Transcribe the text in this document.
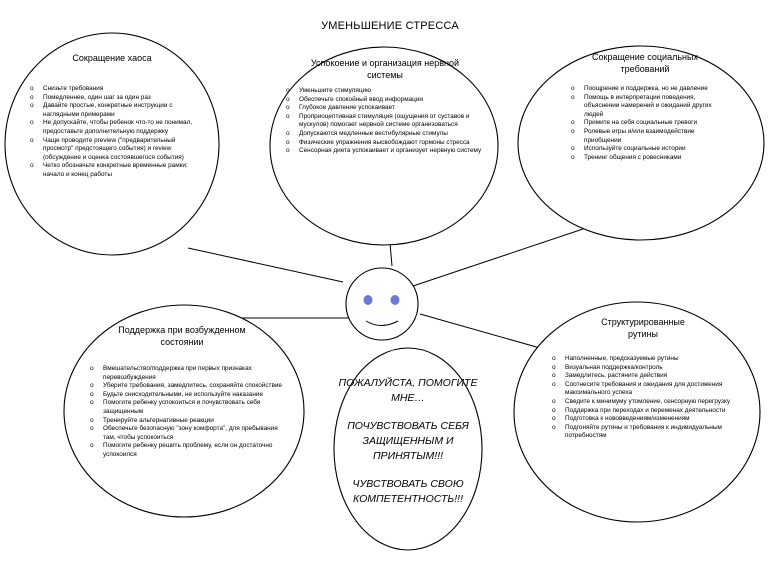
УМЕНЬШЕНИЕ СТРЕССА
Сокращение хаоса
o Снизьте требования
o Помедленнее, один шаг за один раз
o Давайте простые, конкретные инструкции с наглядными примерами
o Не допускайте, чтобы ребенок что-то не понимал, предоставьте дополнительную поддержку
o Чаще проводите preview ("предварительный просмотр" предстоящего события) и review (обсуждение и оценка состоявшегося события)
o Четко обозначьте конкретные временные рамки: начало и конец работы
Успокоение и организация нервной системы
o Уменьшите стимуляцию
o Обеспечьте спокойный ввод информации
o Глубокое давление успокаивает
o Проприоцептивная стимуляция (ощущения от суставов и мускулов) помогает нервной системе организоваться
o Допускаются медленные вестибулярные стимулы
o Физические упражнения высвобождают гормоны стресса
o Сенсорная диета успокаивает и организует нервную систему
Сокращение социальных требований
o Поощрение и поддержка, но не давление
o Помощь в интерпретации поведения, объяснении намерений и ожиданий других людей
o Примите на себя социальные тревоги
o Ролевые игры и/или взаимодействие приобщении
o Используйте социальные истории
o Тренинг общения с ровесниками
Поддержка при возбужденном состоянии
o Вмешательство/поддержка при первых признаках перевозбуждения
o Уберите требования, замедлитесь, сохраняйте спокойствие
o Будьте снисходительными, не используйте наказание
o Помогите ребенку успокоиться и почувствовать себя защищенным
o Тренируйте альтернативные реакции
o Обеспечьте безопасную "зону комфорта", для пребывания там, чтобы успокоиться
o Помогите ребенку решить проблему, если он достаточно успокоился

ПОЖАЛУЙСТА, ПОМОГИТЕ МНЕ…

ПОЧУВСТВОВАТЬ СЕБЯ ЗАЩИЩЕННЫМ И ПРИНЯТЫМ!!!

ЧУВСТВОВАТЬ СВОЮ КОМПЕТЕНТНОСТЬ!!!

Структурированные рутины
o Наполненные, предсказуемые рутины
o Визуальная поддержка/контроль
o Замедлитесь, растяните действия
o Соотнесите требования и ожидания для достижения максимального успеха
o Сведите к минимуму утомление, сенсорную перегрузку
o Поддержка при переходах и переменах деятельности
o Подготовка к нововведениям/изменениям
o Подгоняйте рутины и требования к индивидуальным потребностям
